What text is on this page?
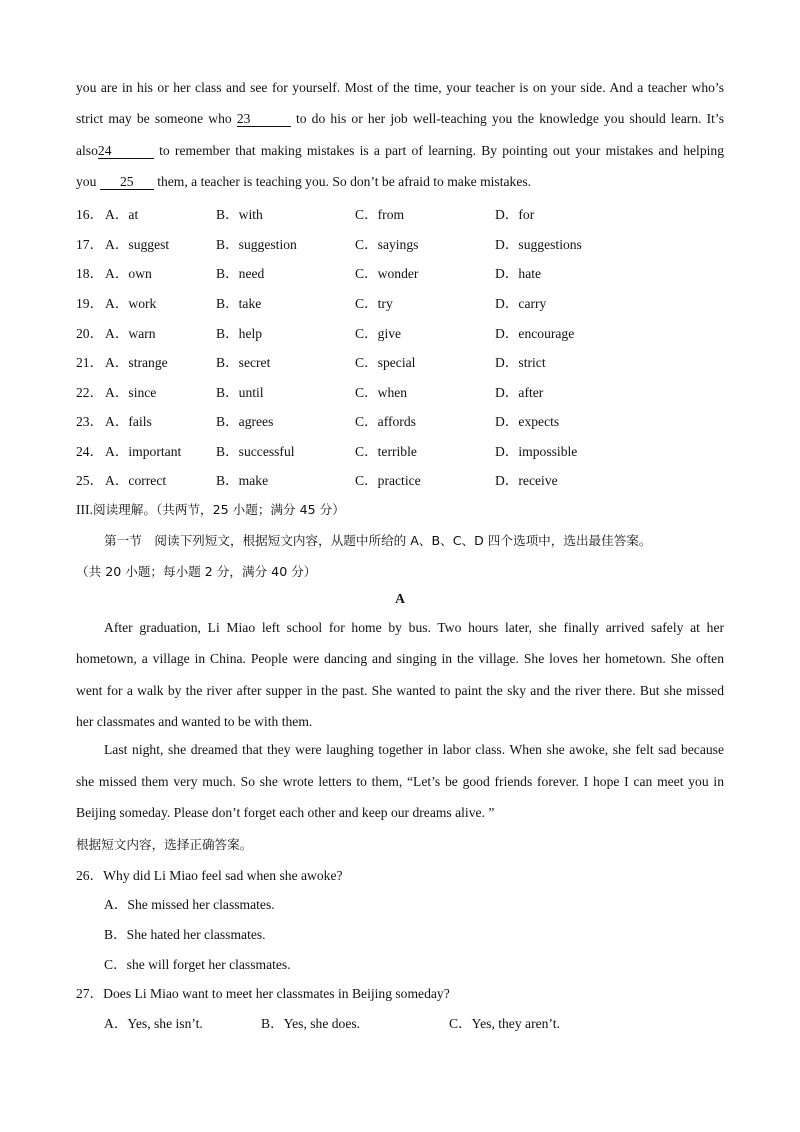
you are in his or her class and see for yourself. Most of the time, your teacher is on your side. And a teacher who’s
strict may be someone who 23	to do his or her job well-teaching you the knowledge you should learn. It’s
also24	to remember that making mistakes is a part of learning. By pointing out your mistakes and helping
you 25 them, a teacher is teaching you. So don’t be afraid to make mistakes.
16． A．at	B．with	C．from	D．for
17． A．suggest	B．suggestion	C．sayings	D．suggestions
18． A．own	B．need	C．wonder	D．hate
19． A．work	B．take	C．try	D．carry
20． A．warn	B．help	C．give	D．encourage
21． A．strange	B．secret	C．special	D．strict
22． A．since	B．until	C．when	D．after
23． A．fails	B．agrees	C．affords	D．expects
24． A．important	B．successful	C．terrible	D．impossible
25． A．correct	B．make	C．practice	D．receive
III.阅读理解。（共两节，25 小题；满分 45 分）
第一节　阅读下列短文，根据短文内容，从题中所给的 A、B、C、D 四个选项中，选出最佳答案。
（共 20 小题；每小题 2 分，满分 40 分）
A
After graduation, Li Miao left school for home by bus. Two hours later, she finally arrived safely at her
hometown, a village in China. People were dancing and singing in the village. She loves her hometown. She often
went for a walk by the river after supper in the past. She wanted to paint the sky and the river there. But she missed
her classmates and wanted to be with them.
Last night, she dreamed that they were laughing together in labor class. When she awoke, she felt sad because
she missed them very much. So she wrote letters to them, “Let’s be good friends forever. I hope I can meet you in
Beijing someday. Please don’t forget each other and keep our dreams alive. ”
根据短文内容，选择正确答案。
26．Why did Li Miao feel sad when she awoke?
A．She missed her classmates.
B．She hated her classmates.
C．she will forget her classmates.
27．Does Li Miao want to meet her classmates in Beijing someday?
A．Yes, she isn’t.	B．Yes, she does.	C．Yes, they aren’t.
